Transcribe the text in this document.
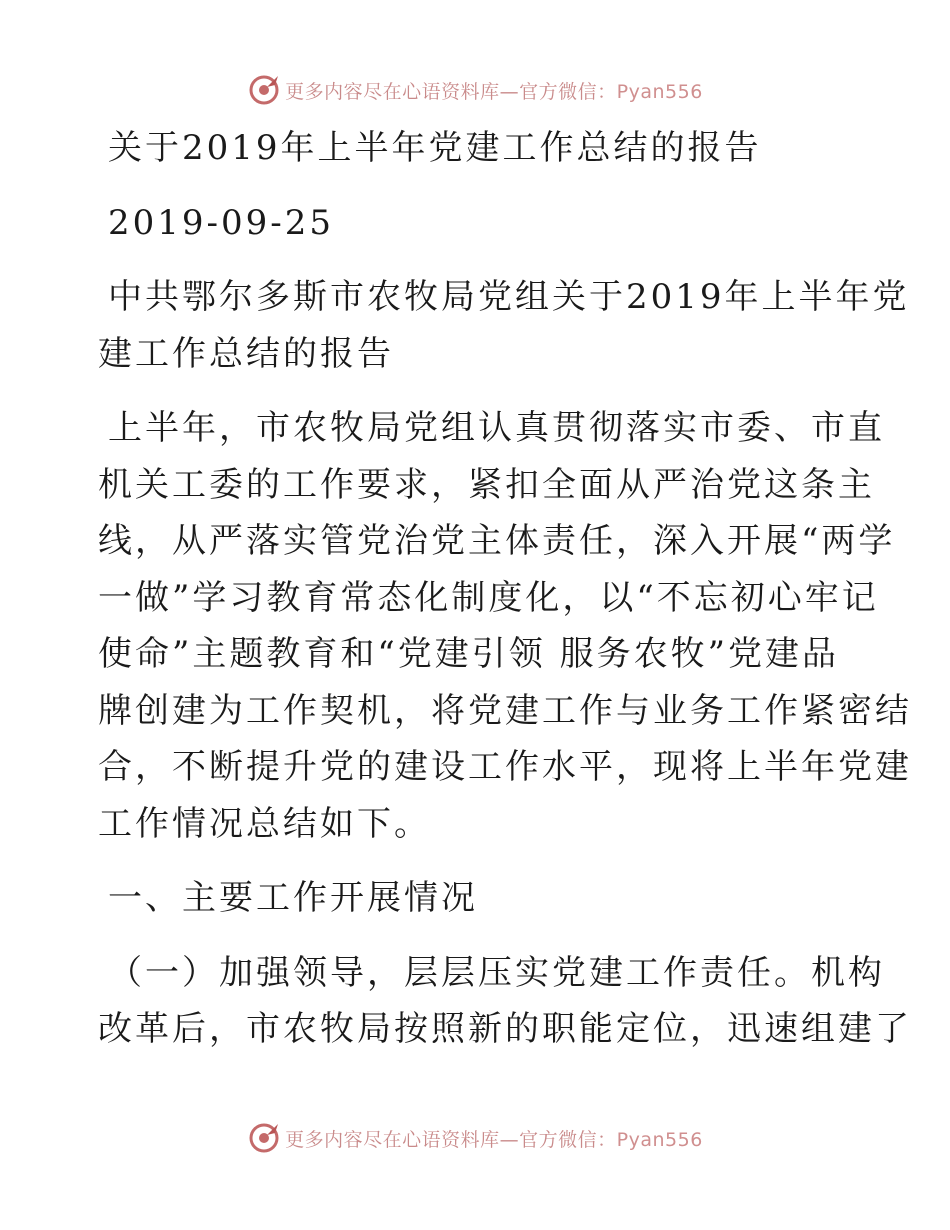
更多内容尽在心语资料库—官方微信：Pyan556
关于2019年上半年党建工作总结的报告
2019-09-25
中共鄂尔多斯市农牧局党组关于2019年上半年党
建工作总结的报告
上半年，市农牧局党组认真贯彻落实市委、市直
机关工委的工作要求，紧扣全面从严治党这条主
线，从严落实管党治党主体责任，深入开展“两学
一做”学习教育常态化制度化，以“不忘初心牢记
使命”主题教育和“党建引领 服务农牧”党建品
牌创建为工作契机，将党建工作与业务工作紧密结
合，不断提升党的建设工作水平，现将上半年党建
工作情况总结如下。
一、主要工作开展情况
（一）加强领导，层层压实党建工作责任。机构
改革后，市农牧局按照新的职能定位，迅速组建了
更多内容尽在心语资料库—官方微信：Pyan556
